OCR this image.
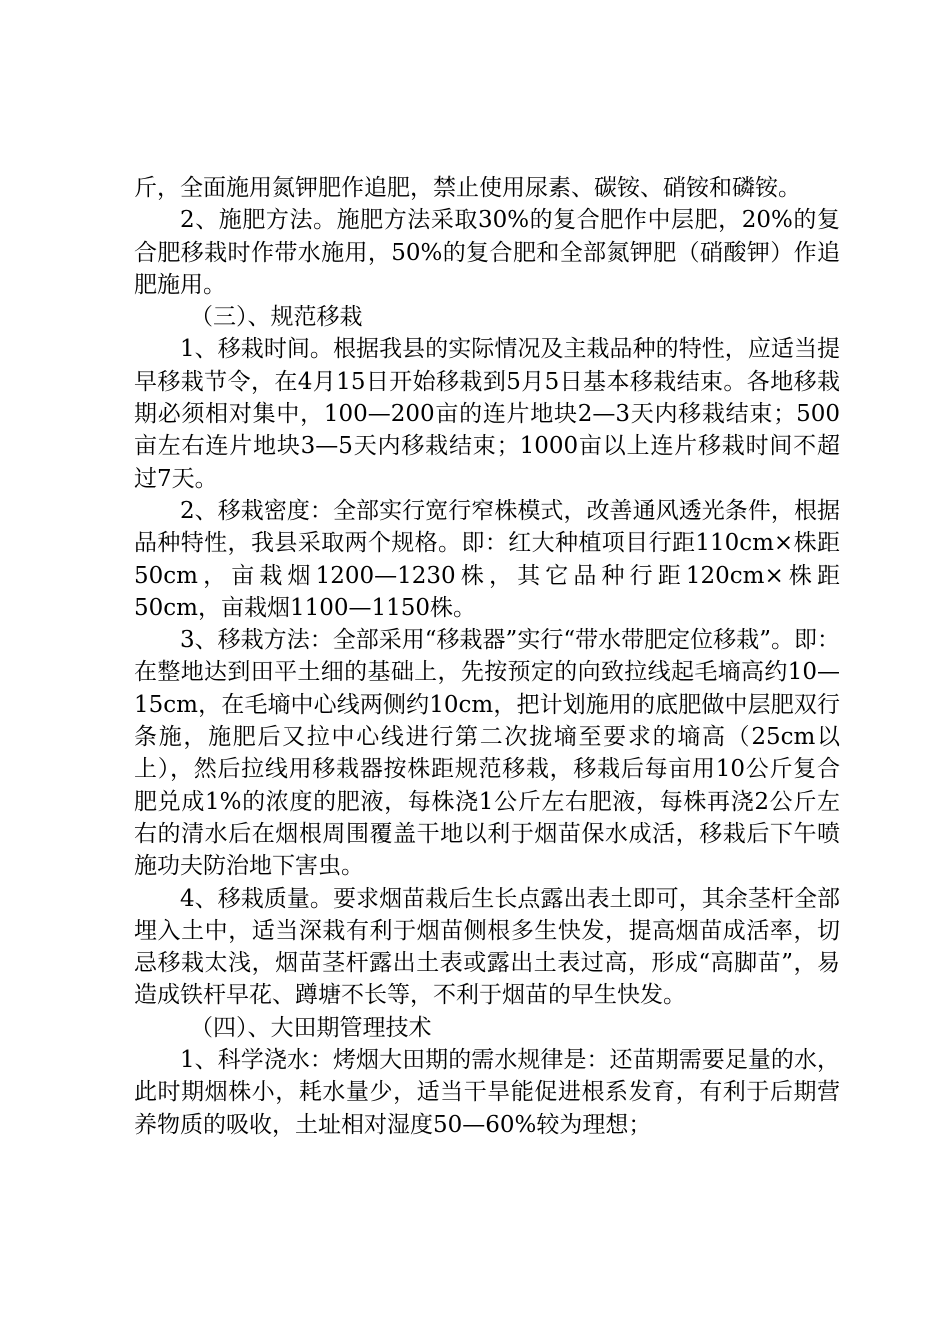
斤，全面施用氮钾肥作追肥，禁止使用尿素、碳铵、硝铵和磷铵。

2、施肥方法。施肥方法采取30%的复合肥作中层肥，20%的复合肥移栽时作带水施用，50%的复合肥和全部氮钾肥（硝酸钾）作追肥施用。

（三）、规范移栽

1、移栽时间。根据我县的实际情况及主栽品种的特性，应适当提早移栽节令，在4月15日开始移栽到5月5日基本移栽结束。各地移栽期必须相对集中，100—200亩的连片地块2—3天内移栽结束；500亩左右连片地块3—5天内移栽结束；1000亩以上连片移栽时间不超过7天。

2、移栽密度：全部实行宽行窄株模式，改善通风透光条件，根据品种特性，我县采取两个规格。即：红大种植项目行距110cm×株距50cm，亩栽烟1200—1230株，其它品种行距120cm×株距50cm，亩栽烟1100—1150株。

3、移栽方法：全部采用“移栽器”实行“带水带肥定位移栽”。即：在整地达到田平土细的基础上，先按预定的向致拉线起毛墒高约10—15cm，在毛墒中心线两侧约10cm，把计划施用的底肥做中层肥双行条施，施肥后又拉中心线进行第二次拢墒至要求的墒高（25cm以上），然后拉线用移栽器按株距规范移栽，移栽后每亩用10公斤复合肥兑成1%的浓度的肥液，每株浇1公斤左右肥液，每株再浇2公斤左右的清水后在烟根周围覆盖干地以利于烟苗保水成活，移栽后下午喷施功夫防治地下害虫。

4、移栽质量。要求烟苗栽后生长点露出表土即可，其余茎杆全部埋入土中，适当深栽有利于烟苗侧根多生快发，提高烟苗成活率，切忌移栽太浅，烟苗茎杆露出土表或露出土表过高，形成“高脚苗”，易造成铁杆早花、蹲塘不长等，不利于烟苗的早生快发。

（四）、大田期管理技术

1、科学浇水：烤烟大田期的需水规律是：还苗期需要足量的水，此时期烟株小，耗水量少，适当干旱能促进根系发育，有利于后期营养物质的吸收，土址相对湿度50—60%较为理想；
